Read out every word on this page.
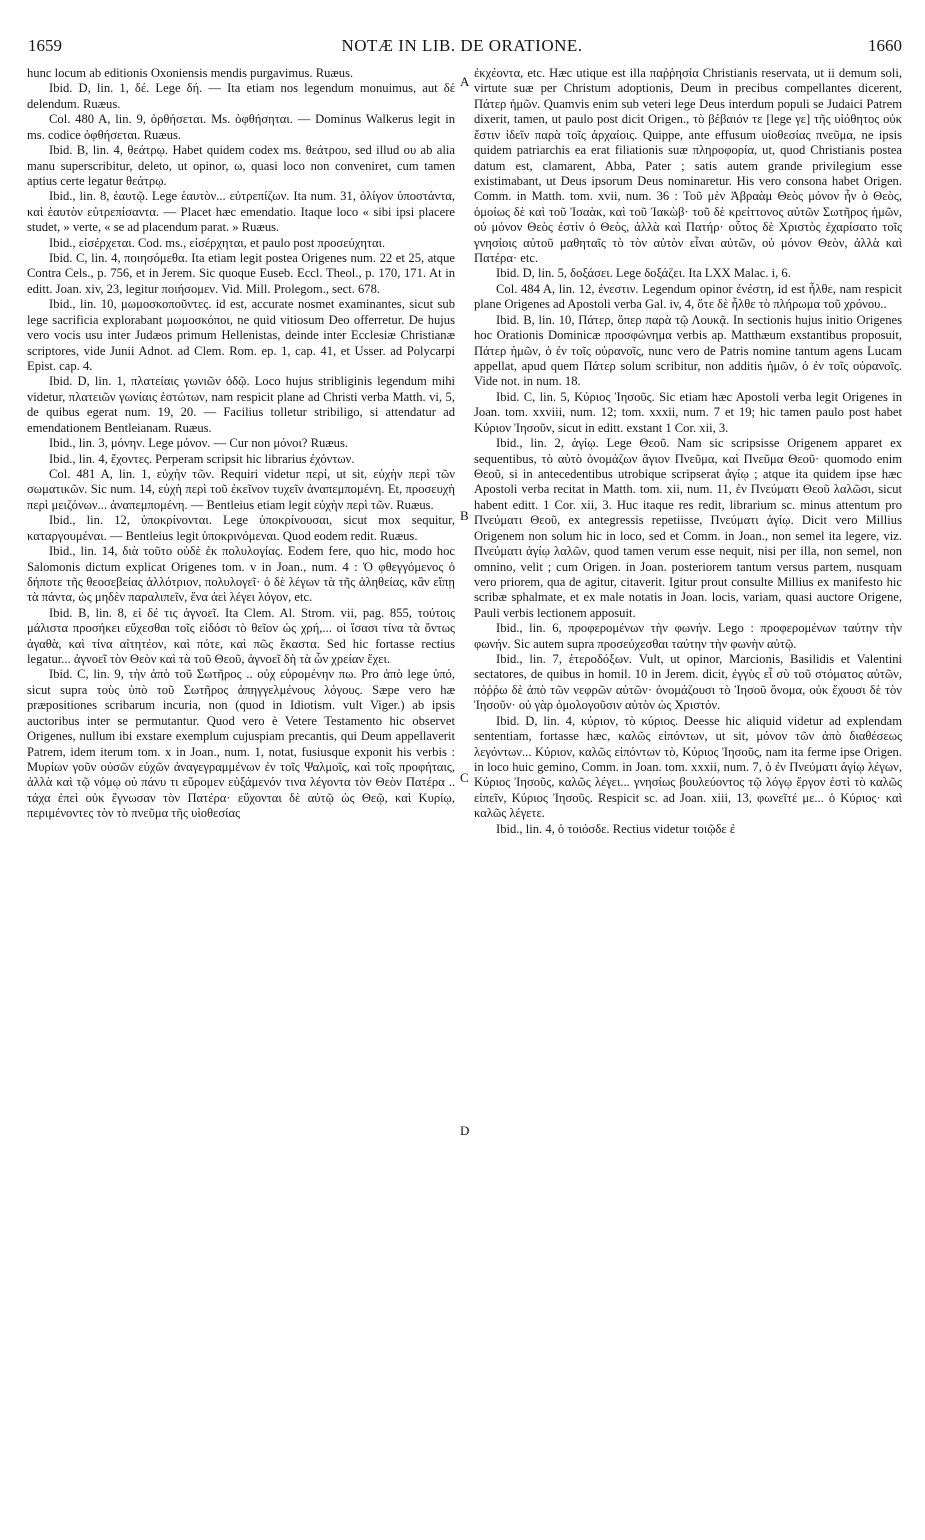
1659	NOTÆ IN LIB. DE ORATIONE.	1660

hunc locum ab editionis Oxoniensis mendis purgavimus. Ruæus.

Ibid. D, lin. 1, δέ. Lege δή. — Ita etiam nos legendum monuimus, aut δέ delendum. Ruæus.

Col. 480 A, lin. 9, ὀρθήσεται. Ms. ὀφθήσηται. — Dominus Walkerus legit in ms. codice ὀφθήσεται. Ruæus.

Ibid. B, lin. 4, θεάτρῳ. Habet quidem codex ms. θεάτρου, sed illud ου ab alia manu superscribitur, deleto, ut opinor, ω, quasi loco non conveniret, cum tamen aptius certe legatur θεάτρῳ.

Ibid., lin. 8, ἑαυτῷ. Lege ἑαυτὸν... εὐτρεπίζων. Ita num. 31, ὀλίγον ὑποστάντα, καὶ ἑαυτὸν εὐτρεπίσαντα. — Placet hæc emendatio. Itaque loco « sibi ipsi placere studet, » verte, « se ad placendum parat. » Ruæus.

Ibid., εἰσέρχεται. Cod. ms., εἰσέρχηται, et paulo post προσεύχηται.

Ibid. C, lin. 4, ποιησόμεθα. Ita etiam legit postea Origenes num. 22 et 25, atque Contra Cels., p. 756, et in Jerem. Sic quoque Euseb. Eccl. Theol., p. 170, 171. At in editt. Joan. xiv, 23, legitur ποιήσομεν. Vid. Mill. Prolegom., sect. 678.

Ibid., lin. 10, μωμοσκοποῦντες. id est, accurate nosmet examinantes, sicut sub lege sacrificia explorabant μωμοσκόποι, ne quid vitiosum Deo offerretur. De hujus vero vocis usu inter Judæos primum Hellenistas, deinde inter Ecclesiæ Christianæ scriptores, vide Junii Adnot. ad Clem. Rom. ep. 1, cap. 41, et Usser. ad Polycarpi Epist. cap. 4.

Ibid. D, lin. 1, πλατείαις γωνιῶν ὁδῷ. Loco hujus stribliginis legendum mihi videtur, πλατειῶν γωνίαις ἑστώτων, nam respicit plane ad Christi verba Matth. vi, 5, de quibus egerat num. 19, 20. — Facilius tolletur stribiligo, si attendatur ad emendationem Bentleianam. Ruæus.

Ibid., lin. 3, μόνην. Lege μόνον. — Cur non μόνοι? Ruæus.

Ibid., lin. 4, ἔχοντες. Perperam scripsit hic librarius ἐχόντων.

Col. 481 A, lin. 1, εὐχὴν τῶν. Requiri videtur περί, ut sit, εὐχὴν περὶ τῶν σωματικῶν. Sic num. 14, εὐχὴ περὶ τοῦ ἐκεῖνον τυχεῖν ἀναπεμπομένη. Et, προσευχὴ περὶ μειζόνων... ἀναπεμπομένη. — Bentleius etiam legit εὐχὴν περὶ τῶν. Ruæus.

Ibid., lin. 12, ὑποκρίνονται. Lege ὑποκρίνουσαι, sicut mox sequitur, καταργουμέναι. — Bentleius legit ὑποκρινόμεναι. Quod eodem redit. Ruæus.

Ibid., lin. 14, διὰ τοῦτο οὐδὲ ἐκ πολυλογίας. Eodem fere, quo hic, modo hoc Salomonis dictum explicat Origenes tom. v in Joan., num. 4 : Ὁ φθεγγόμενος ὁ δήποτε τῆς θεοσεβείας ἀλλότριον, πολυλογεῖ· ὁ δὲ λέγων τὰ τῆς ἀληθείας, κἂν εἴπῃ τὰ πάντα, ὡς μηδὲν παραλιπεῖν, ἕνα ἀεὶ λέγει λόγον, etc.

Ibid. B, lin. 8, εἰ δέ τις ἀγνοεῖ. Ita Clem. Al. Strom. vii, pag. 855, τούτοις μάλιστα προσήκει εὔχεσθαι τοῖς εἰδόσι τὸ θεῖον ὡς χρή,... οἱ ἴσασι τίνα τὰ ὄντως ἀγαθὰ, καὶ τίνα αἰτητέον, καὶ πότε, καὶ πῶς ἕκαστα. Sed hic fortasse rectius legatur... ἀγνοεῖ τὸν Θεὸν καὶ τὰ τοῦ Θεοῦ, ἀγνοεῖ δὴ τὰ ὧν χρείαν ἔχει.

Ibid. C, lin. 9, τὴν ἀπὸ τοῦ Σωτῆρος .. οὐχ εὑρομένην πω. Pro ἀπὸ lege ὑπό, sicut supra τοὺς ὑπὸ τοῦ Σωτῆρος ἀπηγγελμένους λόγους. Sæpe vero hæ præpositiones scribarum incuria, non (quod in Idiotism. vult Viger.) ab ipsis auctoribus inter se permutantur. Quod vero è Vetere Testamento hic observet Origenes, nullum ibi exstare exemplum cujuspiam precantis, qui Deum appellaverit Patrem, idem iterum tom. x in Joan., num. 1, notat, fusiusque exponit his verbis : Μυρίων γοῦν οὐσῶν εὐχῶν ἀναγεγραμμένων ἐν τοῖς Ψαλμοῖς, καὶ τοῖς προφήταις, ἀλλὰ καὶ τῷ νόμῳ οὐ πάνυ τι εὕρομεν εὐξάμενόν τινα λέγοντα τὸν Θεὸν Πατέρα .. τάχα ἐπεὶ οὐκ ἔγνωσαν τὸν Πατέρα· εὔχονται δὲ αὐτῷ ὡς Θεῷ, καὶ Κυρίῳ, περιμένοντες τὸν τὸ πνεῦμα τῆς υἱοθεσίας

ἐκχέοντα, etc. Hæc utique est illa παῤῥησία Christianis reservata, ut ii demum soli, virtute suæ per Christum adoptionis, Deum in precibus compellantes dicerent, Πάτερ ἡμῶν. Quamvis enim sub veteri lege Deus interdum populi se Judaici Patrem dixerit, tamen, ut paulo post dicit Origen., τὸ βέβαιόν τε [lege γε] τῆς υἱόθητος οὐκ ἔστιν ἰδεῖν παρὰ τοῖς ἀρχαίοις. Quippe, ante effusum υἱοθεσίας πνεῦμα, ne ipsis quidem patriarchis ea erat filiationis suæ πληροφορία, ut, quod Christianis postea datum est, clamarent, Abba, Pater ; satis autem grande privilegium esse existimabant, ut Deus ipsorum Deus nominaretur. His vero consona habet Origen. Comm. in Matth. tom. xvii, num. 36 : Τοῦ μὲν Ἀβραὰμ Θεὸς μόνον ἦν ὁ Θεὸς, ὁμοίως δὲ καὶ τοῦ Ἰσαὰκ, καὶ τοῦ Ἰακὼβ· τοῦ δὲ κρείττονος αὐτῶν Σωτῆρος ἡμῶν, οὐ μόνον Θεὸς ἐστὶν ὁ Θεὸς, ἀλλὰ καὶ Πατήρ· οὗτος δὲ Χριστὸς ἐχαρίσατο τοῖς γνησίοις αὐτοῦ μαθηταῖς τὸ τὸν αὐτὸν εἶναι αὐτῶν, οὐ μόνον Θεὸν, ἀλλὰ καὶ Πατέρα· etc.

Ibid. D, lin. 5, δοξάσει. Lege δοξάζει. Ita LXX Malac. i, 6.

Col. 484 A, lin. 12, ἐνεστιν. Legendum opinor ἐνέστη, id est ἦλθε, nam respicit plane Origenes ad Apostoli verba Gal. iv, 4, ὅτε δὲ ἦλθε τὸ πλήρωμα τοῦ χρόνου..

Ibid. B, lin. 10, Πάτερ, ὅπερ παρὰ τῷ Λουκᾷ. In sectionis hujus initio Origenes hoc Orationis Dominicæ προσφώνημα verbis ap. Matthæum exstantibus proposuit, Πάτερ ἡμῶν, ὁ ἐν τοῖς οὐρανοῖς, nunc vero de Patris nomine tantum agens Lucam appellat, apud quem Πάτερ solum scribitur, non additis ἡμῶν, ὁ ἐν τοῖς οὐρανοῖς. Vide not. in num. 18.

Ibid. C, lin. 5, Κύριος Ἰησοῦς. Sic etiam hæc Apostoli verba legit Origenes in Joan. tom. xxviii, num. 12; tom. xxxii, num. 7 et 19; hic tamen paulo post habet Κύριον Ἰησοῦν, sicut in editt. exstant 1 Cor. xii, 3.

Ibid., lin. 2, ἁγίῳ. Lege Θεοῦ. Nam sic scripsisse Origenem apparet ex sequentibus, τὸ αὐτὸ ὀνομάζων ἅγιον Πνεῦμα, καὶ Πνεῦμα Θεοῦ· quomodo enim Θεοῦ, si in antecedentibus utrobique scripserat ἁγίῳ ; atque ita quidem ipse hæc Apostoli verba recitat in Matth. tom. xii, num. 11, ἐν Πνεύματι Θεοῦ λαλῶσι, sicut habent editt. 1 Cor. xii, 3. Huc itaque res redit, librarium sc. minus attentum pro Πνεύματι Θεοῦ, ex antegressis repetiisse, Πνεύματι ἁγίῳ. Dicit vero Millius Origenem non solum hic in loco, sed et Comm. in Joan., non semel ita legere, viz. Πνεύματι ἁγίῳ λαλῶν, quod tamen verum esse nequit, nisi per illa, non semel, non omnino, velit ; cum Origen. in Joan. posteriorem tantum versus partem, nusquam vero priorem, qua de agitur, citaverit. Igitur prout consulte Millius ex manifesto hic scribæ sphalmate, et ex male notatis in Joan. locis, variam, quasi auctore Origene, Pauli verbis lectionem apposuit.

Ibid., lin. 6, προφερομένων τὴν φωνήν. Lego : προφερομένων ταύτην τὴν φωνήν. Sic autem supra προσεύχεσθαι ταύτην τὴν φωνὴν αὐτῷ.

Ibid., lin. 7, ἑτεροδόξων. Vult, ut opinor, Marcionis, Basilidis et Valentini sectatores, de quibus in homil. 10 in Jerem. dicit, ἐγγὺς εἶ σὺ τοῦ στόματος αὐτῶν, πόῤῥω δὲ ἀπὸ τῶν νεφρῶν αὐτῶν· ὀνομάζουσι τὸ Ἰησοῦ ὄνομα, οὐκ ἔχουσι δὲ τὸν Ἰησοῦν· οὐ γὰρ ὁμολογοῦσιν αὐτὸν ὡς Χριστόν.

Ibid. D, lin. 4, κύριον, τὸ κύριος. Deesse hic aliquid videtur ad explendam sententiam, fortasse hæc, καλῶς εἰπόντων, ut sit, μόνον τῶν ἀπὸ διαθέσεως λεγόντων... Κύριον, καλῶς εἰπόντων τὸ, Κύριος Ἰησοῦς, nam ita ferme ipse Origen. in loco huic gemino, Comm. in Joan. tom. xxxii, num. 7, ὁ ἐν Πνεύματι ἁγίῳ λέγων, Κύριος Ἰησοῦς, καλῶς λέγει... γνησίως βουλεύοντος τῷ λόγῳ ἔργον ἐστὶ τὸ καλῶς εἰπεῖν, Κύριος Ἰησοῦς. Respicit sc. ad Joan. xiii, 13, φωνεῖτέ με... ὁ Κύριος· καὶ καλῶς λέγετε.

Ibid., lin. 4, ὁ τοιόσδε. Rectius videtur τοιῷδε ἐ

A
B
C
D
